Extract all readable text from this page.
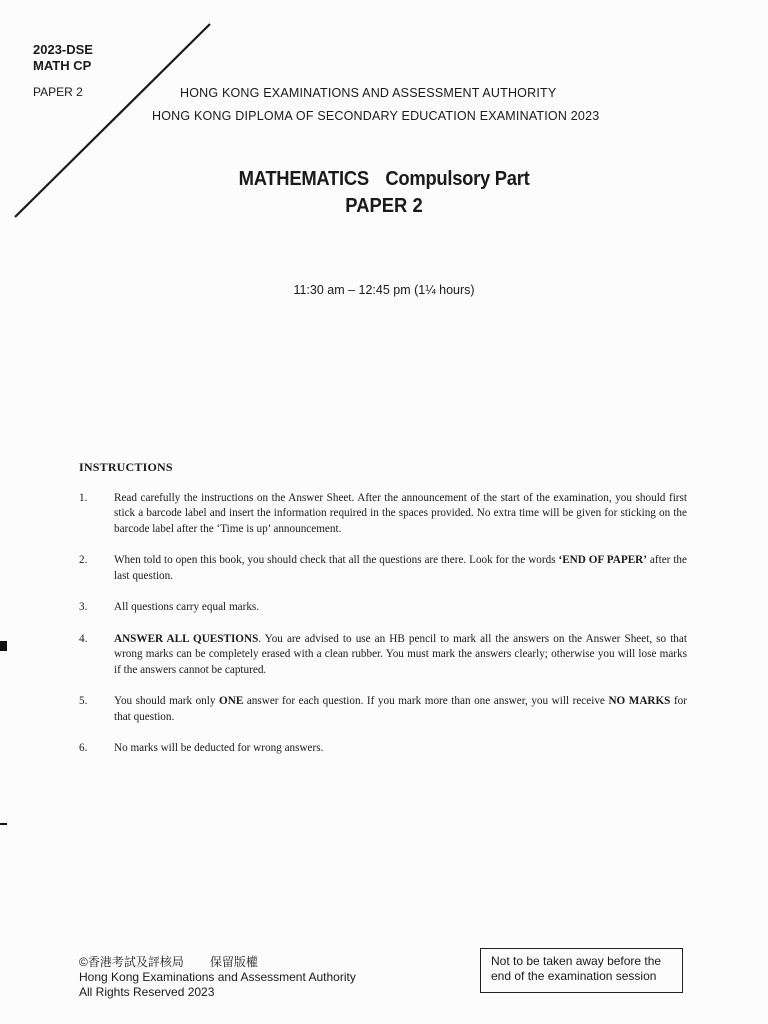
2023-DSE
MATH CP
PAPER 2	HONG KONG EXAMINATIONS AND ASSESSMENT AUTHORITY
HONG KONG DIPLOMA OF SECONDARY EDUCATION EXAMINATION 2023
MATHEMATICS Compulsory Part
PAPER 2
11:30 am – 12:45 pm (1¼ hours)
INSTRUCTIONS
1.	Read carefully the instructions on the Answer Sheet. After the announcement of the start of the examination, you should first stick a barcode label and insert the information required in the spaces provided. No extra time will be given for sticking on the barcode label after the ‘Time is up’ announcement.
2.	When told to open this book, you should check that all the questions are there. Look for the words ‘END OF PAPER’ after the last question.
3.	All questions carry equal marks.
4.	ANSWER ALL QUESTIONS. You are advised to use an HB pencil to mark all the answers on the Answer Sheet, so that wrong marks can be completely erased with a clean rubber. You must mark the answers clearly; otherwise you will lose marks if the answers cannot be captured.
5.	You should mark only ONE answer for each question. If you mark more than one answer, you will receive NO MARKS for that question.
6.	No marks will be deducted for wrong answers.
©香港考試及評核局 保留版權
Hong Kong Examinations and Assessment Authority
All Rights Reserved 2023
Not to be taken away before the end of the examination session
